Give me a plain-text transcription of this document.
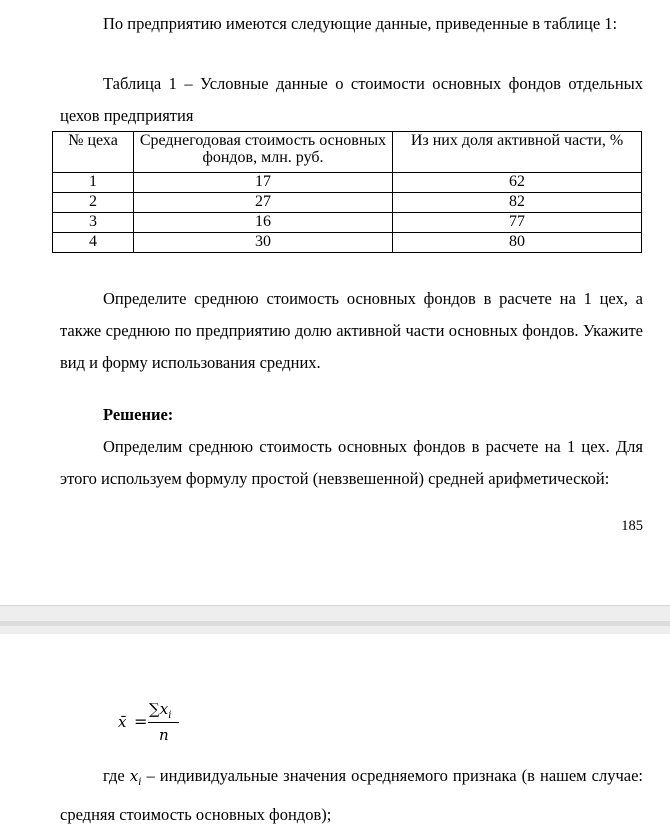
По предприятию имеются следующие данные, приведенные в таблице 1:

Таблица 1 – Условные данные о стоимости основных фондов отдельных цехов предприятия

№ цеха	Среднегодовая стоимость основных фондов, млн. руб.	Из них доля активной части, %
1	17	62
2	27	82
3	16	77
4	30	80

Определите среднюю стоимость основных фондов в расчете на 1 цех, а также среднюю по предприятию долю активной части основных фондов. Укажите вид и форму использования средних.

Решение:

Определим среднюю стоимость основных фондов в расчете на 1 цех. Для этого используем формулу простой (невзвешенной) средней арифметической:

185
x̄ =
$\sum x_i$
n

где $x_i$ – индивидуальные значения осредняемого признака (в нашем случае: средняя стоимость основных фондов);
